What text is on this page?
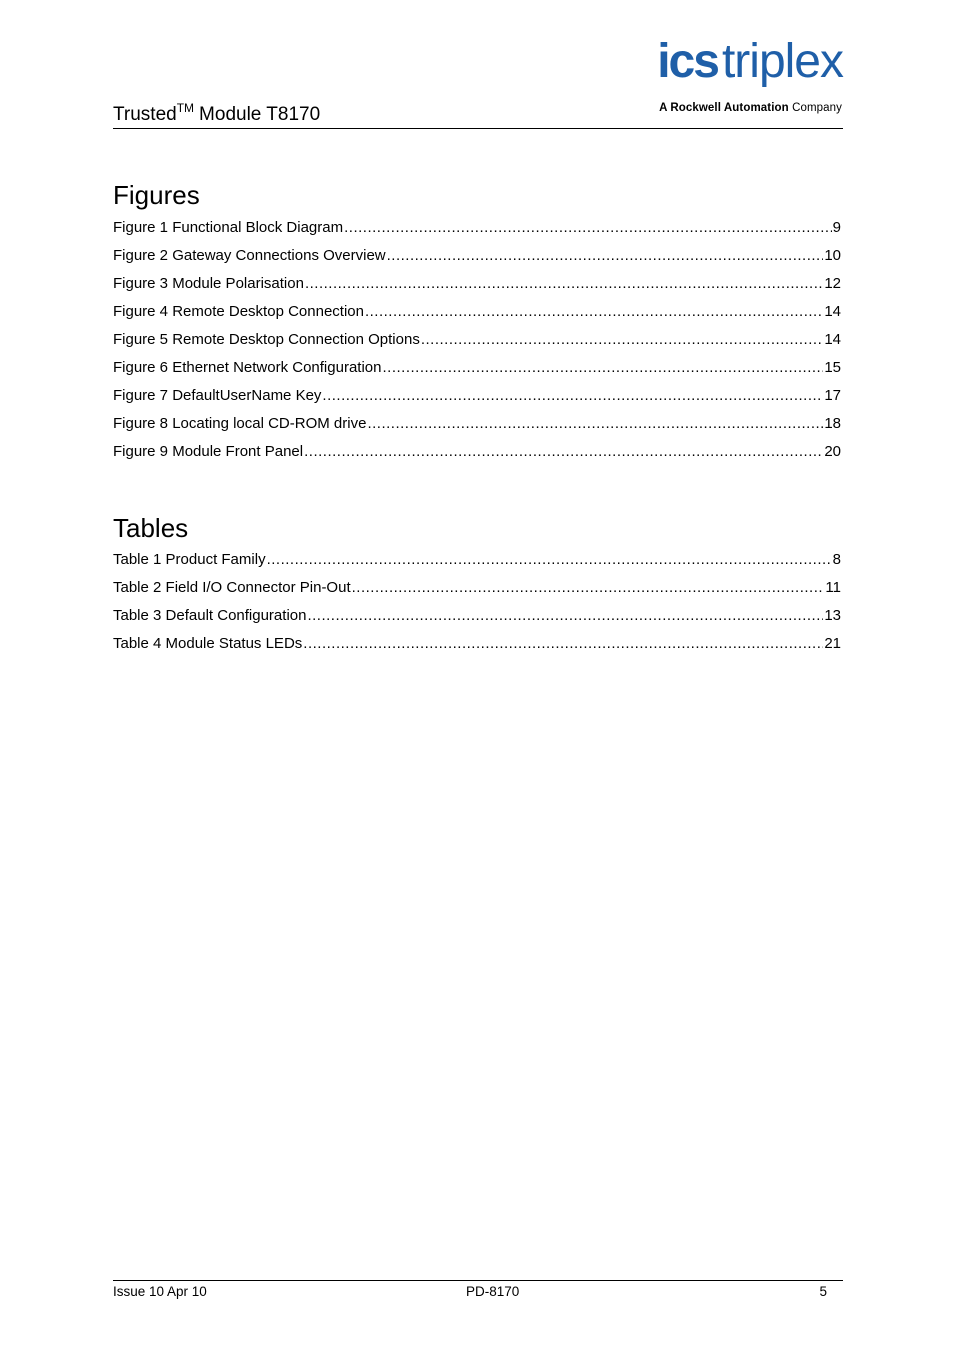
Trusted™ Module T8170
icstriplex
A Rockwell Automation Company
Figures
Figure 1 Functional Block Diagram .....	9
Figure 2 Gateway Connections Overview .....	10
Figure 3 Module Polarisation .....	12
Figure 4 Remote Desktop Connection .....	14
Figure 5 Remote Desktop Connection Options .....	14
Figure 6 Ethernet Network Configuration .....	15
Figure 7 DefaultUserName Key .....	17
Figure 8 Locating local CD-ROM drive .....	18
Figure 9 Module Front Panel .....	20
Tables
Table 1 Product Family .....	8
Table 2 Field I/O Connector Pin-Out .....	11
Table 3 Default Configuration .....	13
Table 4 Module Status LEDs .....	21
Issue 10 Apr 10	PD-8170	5
